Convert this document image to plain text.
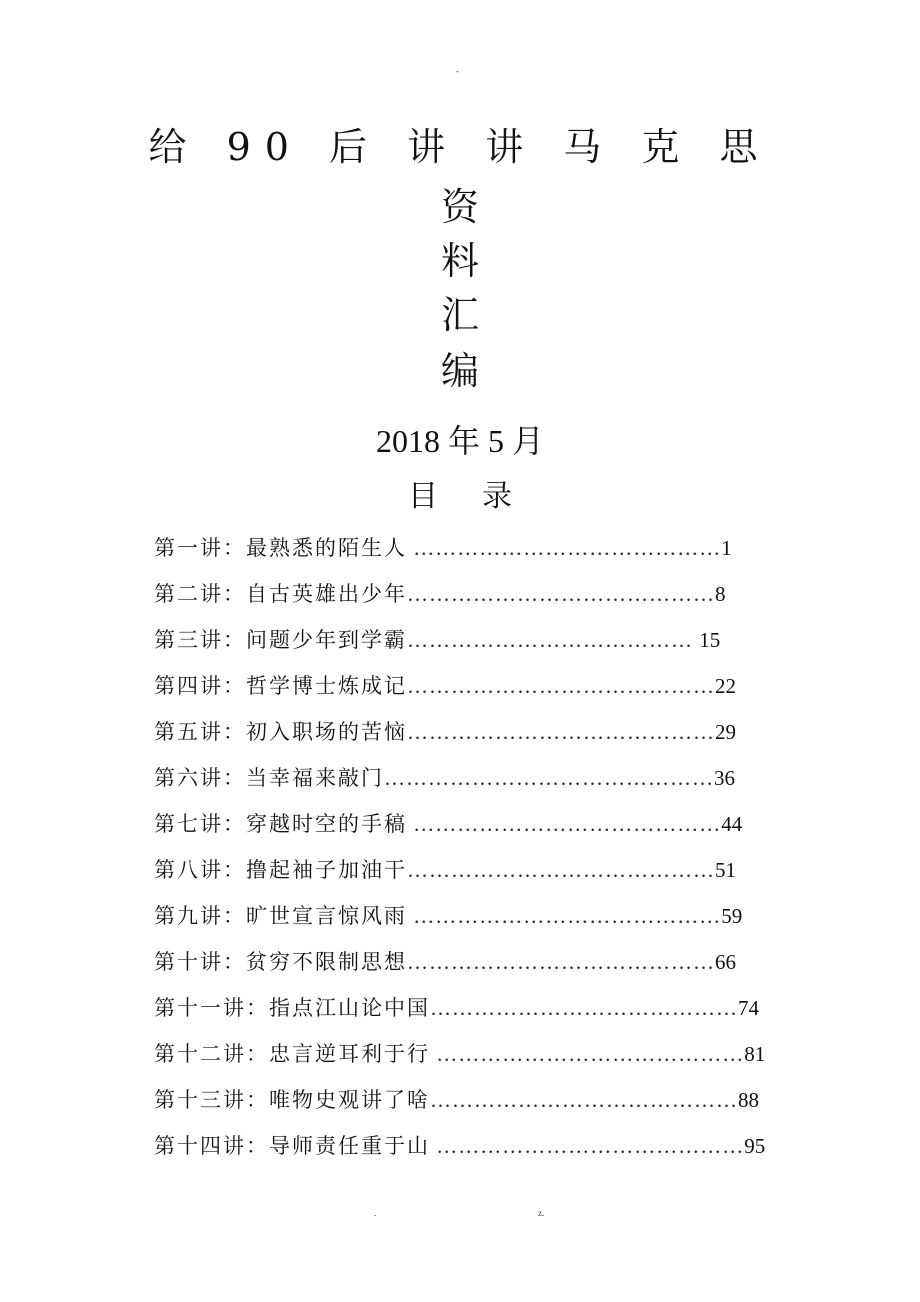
-
给 90 后 讲 讲 马 克 思
资
料
汇
编
2018 年 5 月
目 录
第一讲：最熟悉的陌生人 ……………………………………1
第二讲：自古英雄出少年……………………………………8
第三讲：问题少年到学霸………………………………… 15
第四讲：哲学博士炼成记……………………………………22
第五讲：初入职场的苦恼……………………………………29
第六讲：当幸福来敲门………………………………………36
第七讲：穿越时空的手稿 ……………………………………44
第八讲：撸起袖子加油干……………………………………51
第九讲：旷世宣言惊风雨 ……………………………………59
第十讲：贫穷不限制思想……………………………………66
第十一讲：指点江山论中国……………………………………74
第十二讲：忠言逆耳利于行 ……………………………………81
第十三讲：唯物史观讲了啥……………………………………88
第十四讲：导师责任重于山 ……………………………………95
.	z.
